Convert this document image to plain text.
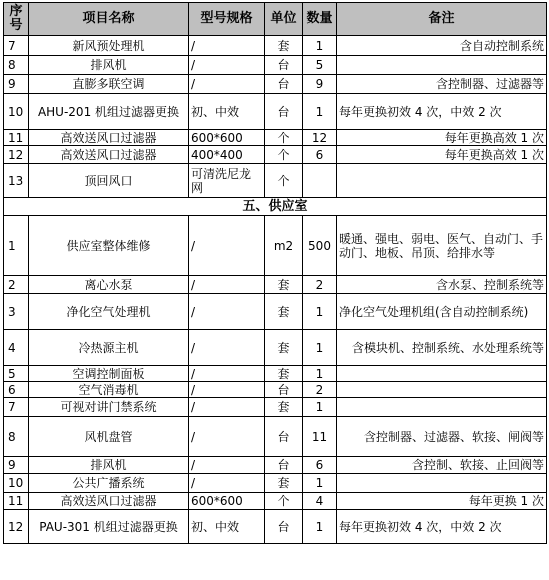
序号	项目名称	型号规格	单位	数量	备注
7	新风预处理机	/	套	1	含自动控制系统
8	排风机	/	台	5	
9	直膨多联空调	/	台	9	含控制器、过滤器等
10	AHU-201 机组过滤器更换	初、中效	台	1	每年更换初效 4 次，中效 2 次
11	高效送风口过滤器	600*600	个	12	每年更换高效 1 次
12	高效送风口过滤器	400*400	个	6	每年更换高效 1 次
13	顶回风口	可清洗尼龙网	个		
五、供应室					
1	供应室整体维修	/	m2	500	暖通、强电、弱电、医气、自动门、手动门、地板、吊顶、给排水等
2	离心水泵	/	套	2	含水泵、控制系统等
3	净化空气处理机	/	套	1	净化空气处理机组(含自动控制系统)
4	冷热源主机	/	套	1	含模块机、控制系统、水处理系统等
5	空调控制面板	/	套	1	
6	空气消毒机	/	台	2	
7	可视对讲门禁系统	/	套	1	
8	风机盘管	/	台	11	含控制器、过滤器、软接、闸阀等
9	排风机	/	台	6	含控制、软接、止回阀等
10	公共广播系统	/	套	1	
11	高效送风口过滤器	600*600	个	4	每年更换 1 次
12	PAU-301 机组过滤器更换	初、中效	台	1	每年更换初效 4 次，中效 2 次
